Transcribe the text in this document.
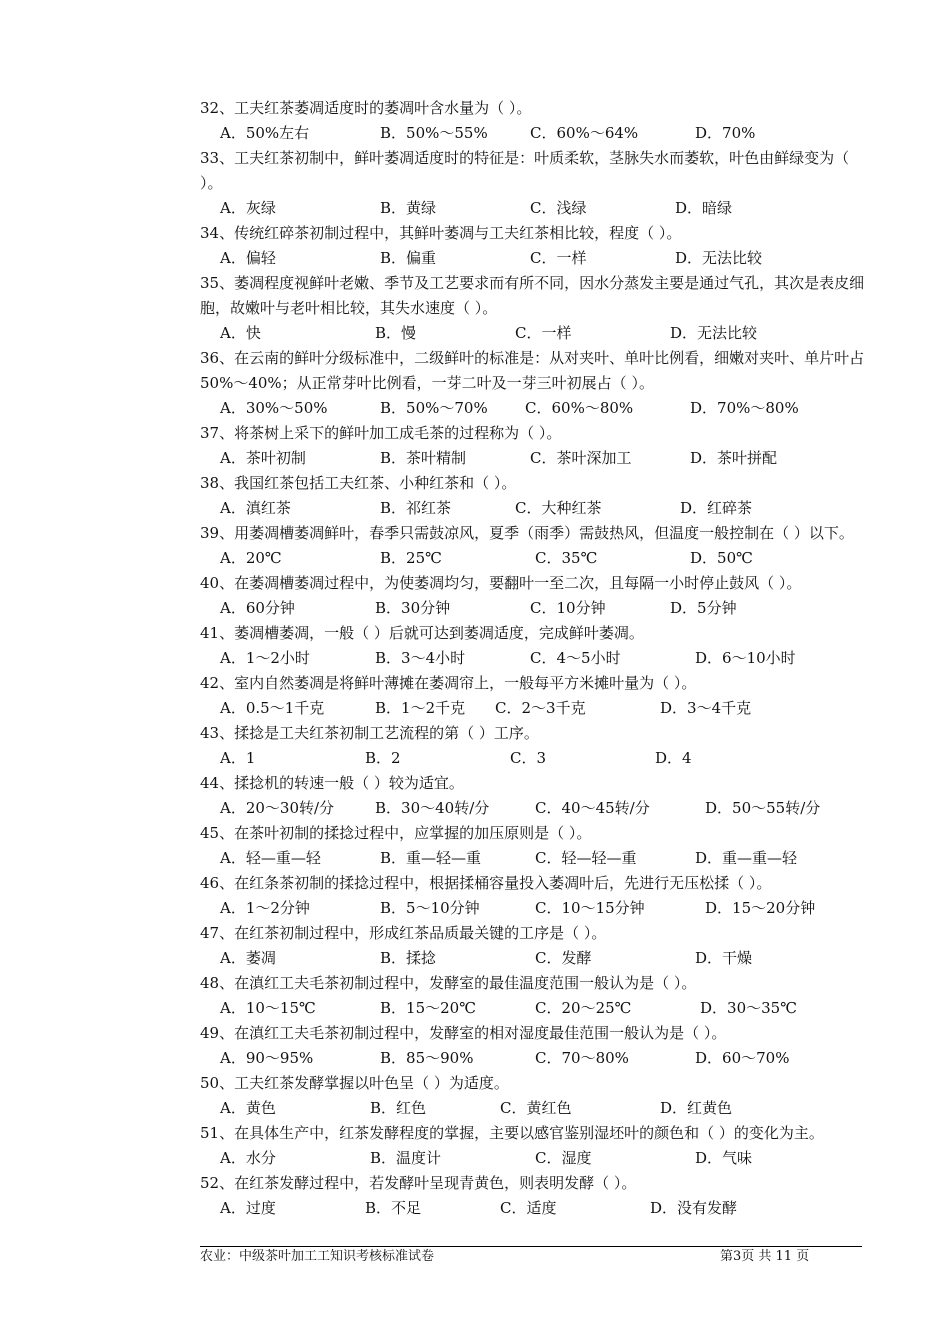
32、工夫红茶萎凋适度时的萎凋叶含水量为（ ）。
A．50%左右	B．50%～55%	C．60%～64%	D．70%
33、工夫红茶初制中，鲜叶萎凋适度时的特征是：叶质柔软，茎脉失水而萎软，叶色由鲜绿变为（ ）。
A．灰绿	B．黄绿	C．浅绿	D．暗绿
34、传统红碎茶初制过程中，其鲜叶萎凋与工夫红茶相比较，程度（ ）。
A．偏轻	B．偏重	C．一样	D．无法比较
35、萎凋程度视鲜叶老嫩、季节及工艺要求而有所不同，因水分蒸发主要是通过气孔，其次是表皮细胞，故嫩叶与老叶相比较，其失水速度（ ）。
A．快	B．慢	C．一样	D．无法比较
36、在云南的鲜叶分级标准中，二级鲜叶的标准是：从对夹叶、单叶比例看，细嫩对夹叶、单片叶占50%～40%；从正常芽叶比例看，一芽二叶及一芽三叶初展占（ ）。
A．30%～50%	B．50%～70% C．60%～80%	D．70%～80%
37、将茶树上采下的鲜叶加工成毛茶的过程称为（ ）。
A．茶叶初制	B．茶叶精制	C．茶叶深加工	D．茶叶拼配
38、我国红茶包括工夫红茶、小种红茶和（ ）。
A．滇红茶	B．祁红茶	C．大种红茶	D．红碎茶
39、用萎凋槽萎凋鲜叶，春季只需鼓凉风，夏季（雨季）需鼓热风，但温度一般控制在（ ）以下。
A．20℃	B．25℃	C．35℃	D．50℃
40、在萎凋槽萎凋过程中，为使萎凋均匀，要翻叶一至二次，且每隔一小时停止鼓风（ ）。
A．60分钟	B．30分钟	C．10分钟	D．5分钟
41、萎凋槽萎凋，一般（ ）后就可达到萎凋适度，完成鲜叶萎凋。
A．1～2小时	B．3～4小时	C．4～5小时	D．6～10小时
42、室内自然萎凋是将鲜叶薄摊在萎凋帘上，一般每平方米摊叶量为（ ）。
A．0.5～1千克	B．1～2千克 C．2～3千克	D．3～4千克
43、揉捻是工夫红茶初制工艺流程的第（ ）工序。
A．1	B．2	C．3	D．4
44、揉捻机的转速一般（ ）较为适宜。
A．20～30转/分	B．30～40转/分	C．40～45转/分	D．50～55转/分
45、在茶叶初制的揉捻过程中，应掌握的加压原则是（ ）。
A．轻—重—轻	B．重—轻—重	C．轻—轻—重	D．重—重—轻
46、在红条茶初制的揉捻过程中，根据揉桶容量投入萎凋叶后，先进行无压松揉（ ）。
A．1～2分钟	B．5～10分钟	C．10～15分钟	D．15～20分钟
47、在红茶初制过程中，形成红茶品质最关键的工序是（ ）。
A．萎凋	B．揉捻	C．发酵	D．干燥
48、在滇红工夫毛茶初制过程中，发酵室的最佳温度范围一般认为是（ ）。
A．10～15℃	B．15～20℃	C．20～25℃	D．30～35℃
49、在滇红工夫毛茶初制过程中，发酵室的相对湿度最佳范围一般认为是（ ）。
A．90～95%	B．85～90%	C．70～80%	D．60～70%
50、工夫红茶发酵掌握以叶色呈（ ）为适度。
A．黄色	B．红色	C．黄红色	D．红黄色
51、在具体生产中，红茶发酵程度的掌握，主要以感官鉴别湿坯叶的颜色和（ ）的变化为主。
A．水分	B．温度计	C．湿度	D．气味
52、在红茶发酵过程中，若发酵叶呈现青黄色，则表明发酵（ ）。
A．过度	B．不足	C．适度	D．没有发酵
农业：中级茶叶加工工知识考核标准试卷	第3页 共 11 页
